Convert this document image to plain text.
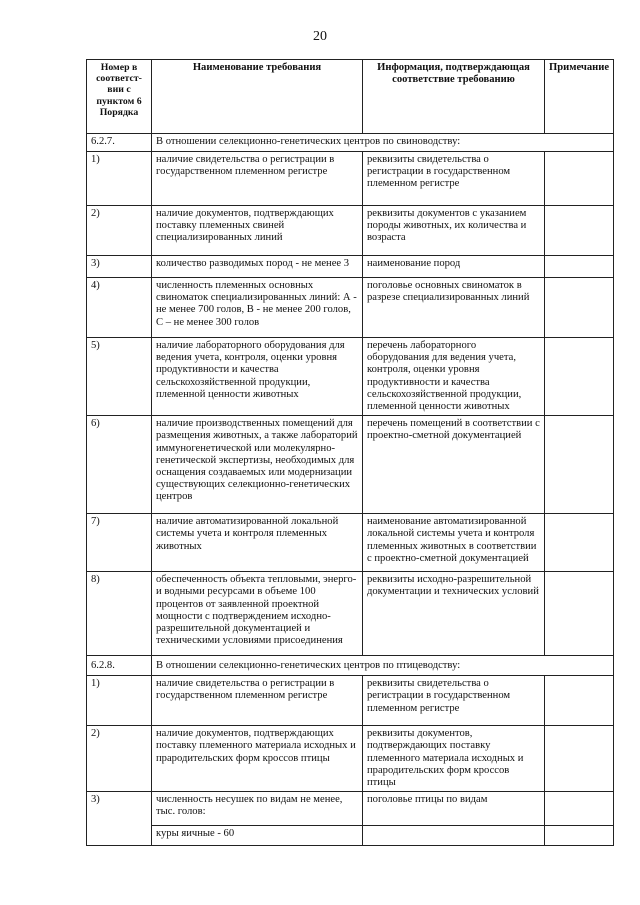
20
Номер в соответст-вии с пунктом 6 Порядка	Наименование требования	Информация, подтверждающая соответствие требованию	Примечание
6.2.7.	В отношении селекционно-генетических центров по свиноводству:		
1)	наличие свидетельства о регистрации в государственном племенном регистре	реквизиты свидетельства о регистрации в государственном племенном регистре	
2)	наличие документов, подтверждающих поставку племенных свиней специализированных линий	реквизиты документов с указанием породы животных, их количества и возраста	
3)	количество разводимых пород - не менее 3	наименование пород	
4)	численность племенных основных свиноматок специализированных линий: А - не менее 700 голов, В - не менее 200 голов, С – не менее 300 голов	поголовье основных свиноматок в разрезе специализированных линий	
5)	наличие лабораторного оборудования для ведения учета, контроля, оценки уровня продуктивности и качества сельскохозяйственной продукции, племенной ценности животных	перечень лабораторного оборудования для ведения учета, контроля, оценки уровня продуктивности и качества сельскохозяйственной продукции, племенной ценности животных	
6)	наличие производственных помещений для размещения животных, а также лабораторий иммуногенетической или молекулярно-генетической экспертизы, необходимых для оснащения создаваемых или модернизации существующих селекционно-генетических центров	перечень помещений в соответствии с проектно-сметной документацией	
7)	наличие автоматизированной локальной системы учета и контроля племенных животных	наименование автоматизированной локальной системы учета и контроля племенных животных в соответствии с проектно-сметной документацией	
8)	обеспеченность объекта тепловыми, энерго- и водными ресурсами в объеме 100 процентов от заявленной проектной мощности с подтверждением исходно-разрешительной документацией и техническими условиями присоединения	реквизиты исходно-разрешительной документации и технических условий	
6.2.8.	В отношении селекционно-генетических центров по птицеводству:		
1)	наличие свидетельства о регистрации в государственном племенном регистре	реквизиты свидетельства о регистрации в государственном племенном регистре	
2)	наличие документов, подтверждающих поставку племенного материала исходных и прародительских форм кроссов птицы	реквизиты документов, подтверждающих поставку племенного материала исходных и прародительских форм кроссов птицы	
3)	численность несушек по видам не менее, тыс. голов:	поголовье птицы по видам	
	куры яичные - 60		
